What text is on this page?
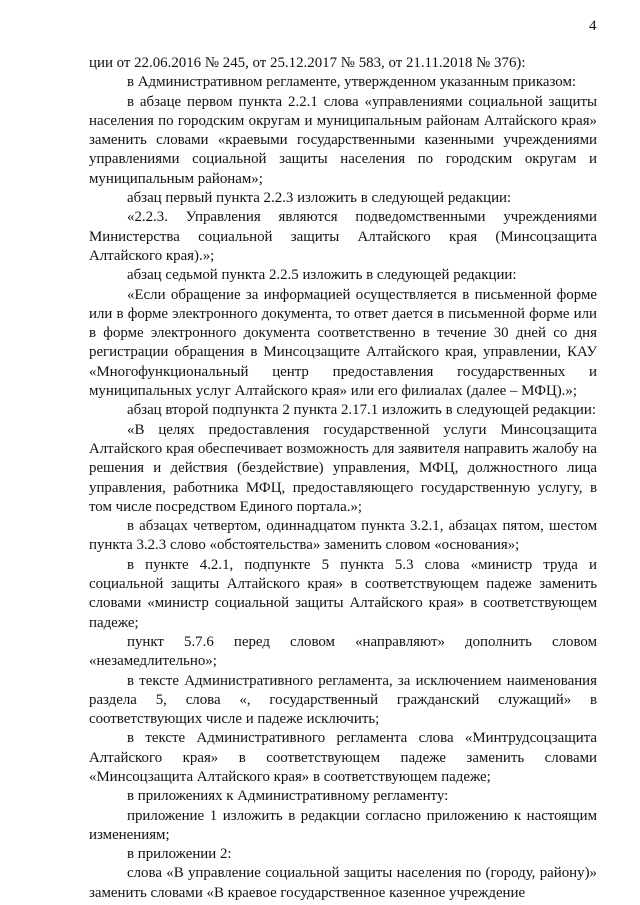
4

ции от 22.06.2016 № 245, от 25.12.2017 № 583, от 21.11.2018 № 376):

в Административном регламенте, утвержденном указанным приказом:

в абзаце первом пункта 2.2.1 слова «управлениями социальной защиты населения по городским округам и муниципальным районам Алтайского края» заменить словами «краевыми государственными казенными учреждениями управлениями социальной защиты населения по городским округам и муниципальным районам»;

абзац первый пункта 2.2.3 изложить в следующей редакции:

«2.2.3. Управления являются подведомственными учреждениями Министерства социальной защиты Алтайского края (Минсоцзащита Алтайского края).»;

абзац седьмой пункта 2.2.5 изложить в следующей редакции:

«Если обращение за информацией осуществляется в письменной форме или в форме электронного документа, то ответ дается в письменной форме или в форме электронного документа соответственно в течение 30 дней со дня регистрации обращения в Минсоцзащите Алтайского края, управлении, КАУ «Многофункциональный центр предоставления государственных и муниципальных услуг Алтайского края» или его филиалах (далее – МФЦ).»;

абзац второй подпункта 2 пункта 2.17.1 изложить в следующей редакции:

«В целях предоставления государственной услуги Минсоцзащита Алтайского края обеспечивает возможность для заявителя направить жалобу на решения и действия (бездействие) управления, МФЦ, должностного лица управления, работника МФЦ, предоставляющего государственную услугу, в том числе посредством Единого портала.»;

в абзацах четвертом, одиннадцатом пункта 3.2.1, абзацах пятом, шестом пункта 3.2.3 слово «обстоятельства» заменить словом «основания»;

в пункте 4.2.1, подпункте 5 пункта 5.3 слова «министр труда и социальной защиты Алтайского края» в соответствующем падеже заменить словами «министр социальной защиты Алтайского края» в соответствующем падеже;

пункт 5.7.6 перед словом «направляют» дополнить словом «незамедлительно»;

в тексте Административного регламента, за исключением наименования раздела 5, слова «, государственный гражданский служащий» в соответствующих числе и падеже исключить;

в тексте Административного регламента слова «Минтрудсоцзащита Алтайского края» в соответствующем падеже заменить словами «Минсоцзащита Алтайского края» в соответствующем падеже;

в приложениях к Административному регламенту:

приложение 1 изложить в редакции согласно приложению к настоящим изменениям;

в приложении 2:

слова «В управление социальной защиты населения по (городу, району)» заменить словами «В краевое государственное казенное учреждение
